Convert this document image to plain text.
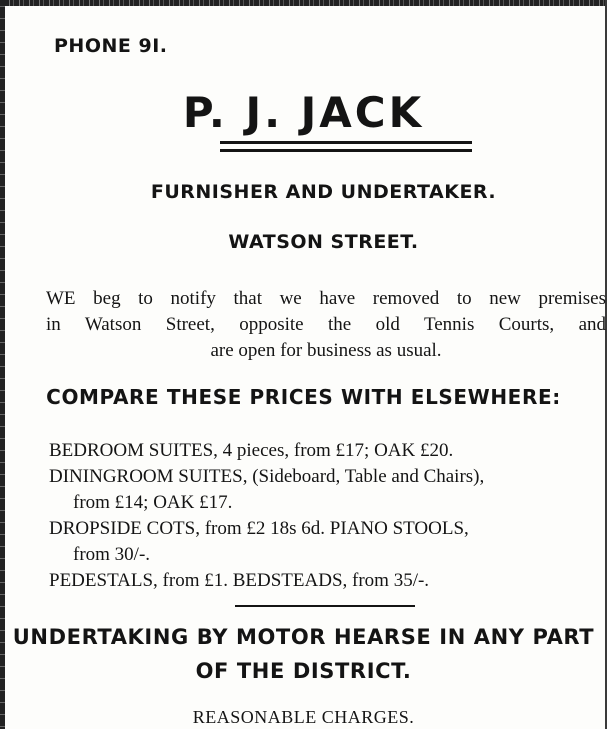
PHONE 9I.
P. J. JACK
FURNISHER AND UNDERTAKER.
WATSON STREET.
WE beg to notify that we have removed to new premises
in Watson Street, opposite the old Tennis Courts, and
are open for business as usual.
COMPARE THESE PRICES WITH ELSEWHERE:
BEDROOM SUITES, 4 pieces, from £17; OAK £20.
DININGROOM SUITES, (Sideboard, Table and Chairs),
from £14; OAK £17.
DROPSIDE COTS, from £2 18s 6d. PIANO STOOLS,
from 30/-.
PEDESTALS, from £1. BEDSTEADS, from 35/-.
UNDERTAKING BY MOTOR HEARSE IN ANY PART
OF THE DISTRICT.
REASONABLE CHARGES.
